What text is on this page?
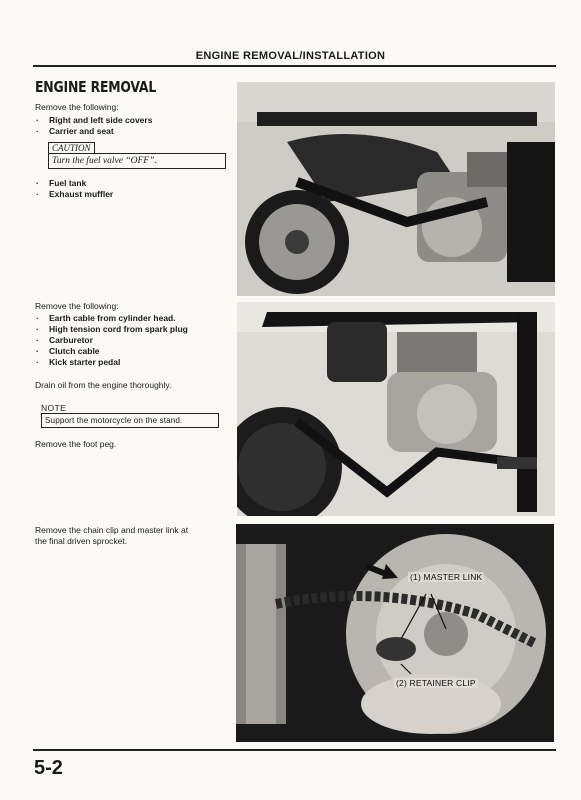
ENGINE REMOVAL/INSTALLATION
ENGINE REMOVAL
Remove the following:
· Right and left side covers
· Carrier and seat
CAUTION
Turn the fuel valve “OFF”.
· Fuel tank
· Exhaust muffler
Remove the following:
· Earth cable from cylinder head.
· High tension cord from spark plug
· Carburetor
· Clutch cable
· Kick starter pedal
Drain oil from the engine thoroughly.
NOTE
Support the motorcycle on the stand.
Remove the foot peg.
Remove the chain clip and master link at
the final driven sprocket.
(1) MASTER LINK
(2) RETAINER CLIP
5-2
